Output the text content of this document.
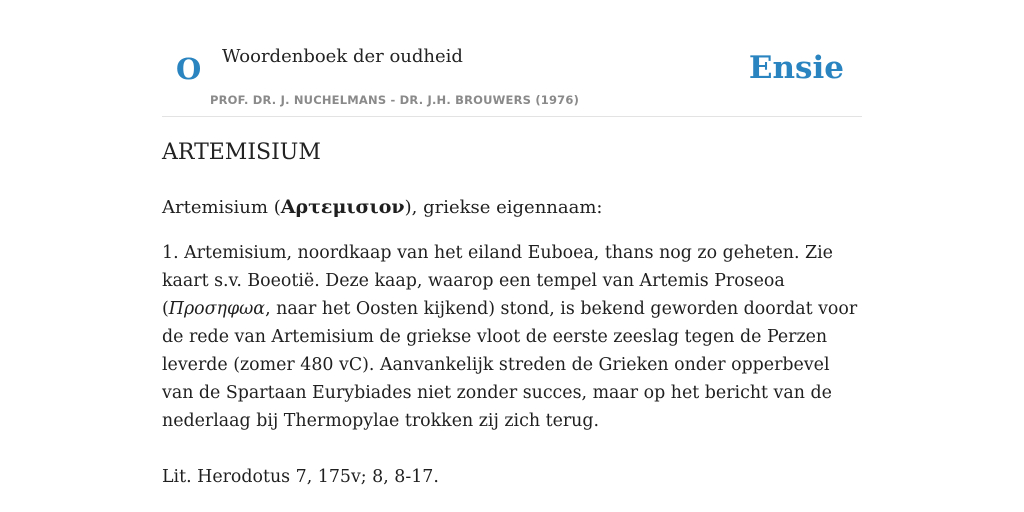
O Woordenboek der oudheid
PROF. DR. J. NUCHELMANS - DR. J.H. BROUWERS (1976)
Ensie
ARTEMISIUM

Artemisium (Αρτεμισιον), griekse eigennaam:

1. Artemisium, noordkaap van het eiland Euboea, thans nog zo geheten. Zie kaart s.v. Boeotië. Deze kaap, waarop een tempel van Artemis Proseoa (Προσηφωα, naar het Oosten kijkend) stond, is bekend geworden doordat voor de rede van Artemisium de griekse vloot de eerste zeeslag tegen de Perzen leverde (zomer 480 vC). Aanvankelijk streden de Grieken onder opperbevel van de Spartaan Eurybiades niet zonder succes, maar op het bericht van de nederlaag bij Thermopylae trokken zij zich terug.

Lit. Herodotus 7, 175v; 8, 8-17.
